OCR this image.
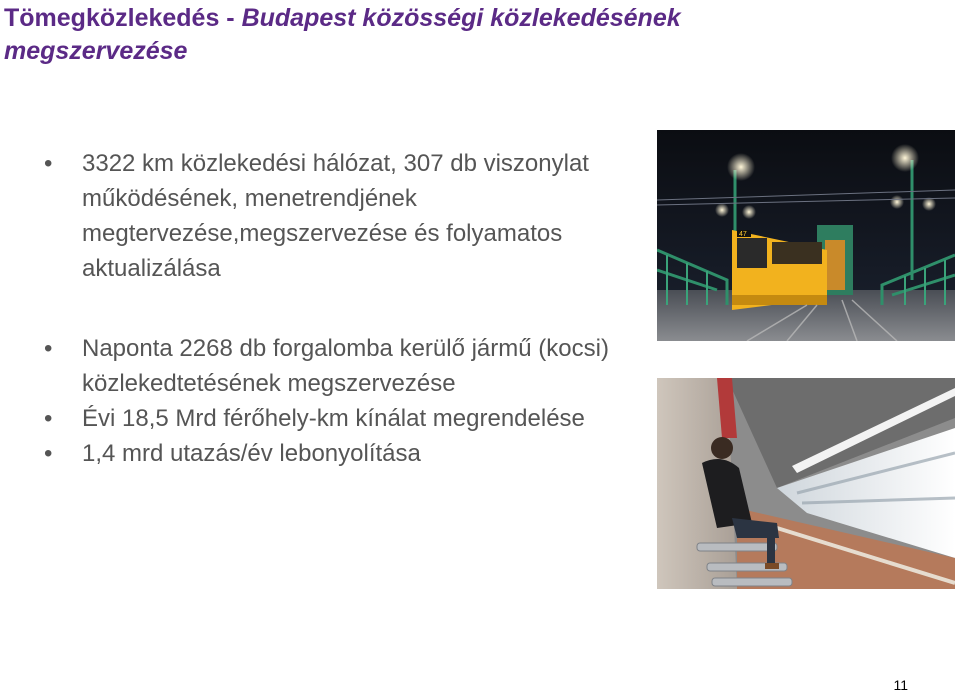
Tömegközlekedés - Budapest közösségi közlekedésének megszervezése
• 3322 km közlekedési hálózat, 307 db viszonylat működésének, menetrendjének megtervezése,megszervezése és folyamatos aktualizálása
• Naponta 2268 db forgalomba kerülő jármű (kocsi) közlekedtetésének megszervezése
• Évi 18,5 Mrd férőhely-km kínálat megrendelése
• 1,4 mrd utazás/év lebonyolítása
47
11
